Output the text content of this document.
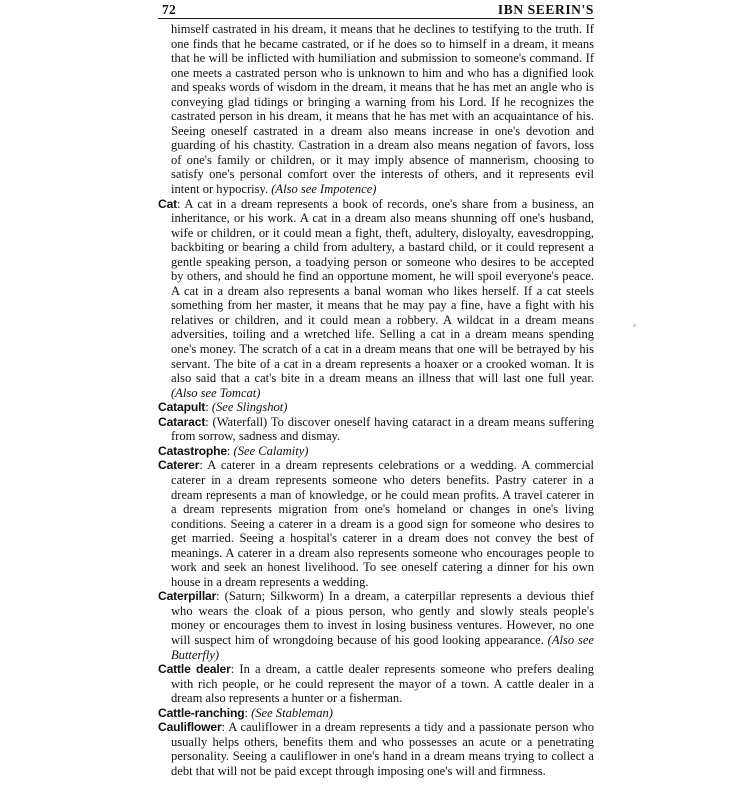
72	IBN SEERIN'S

himself castrated in his dream, it means that he declines to testifying to the truth. If one finds that he became castrated, or if he does so to himself in a dream, it means that he will be inflicted with humiliation and submission to someone's command. If one meets a castrated person who is unknown to him and who has a dignified look and speaks words of wisdom in the dream, it means that he has met an angle who is conveying glad tidings or bringing a warning from his Lord. If he recognizes the castrated person in his dream, it means that he has met with an acquaintance of his. Seeing oneself castrated in a dream also means increase in one's devotion and guarding of his chastity. Castration in a dream also means negation of favors, loss of one's family or children, or it may imply absence of mannerism, choosing to satisfy one's personal comfort over the interests of others, and it represents evil intent or hypocrisy. (Also see Impotence)

Cat: A cat in a dream represents a book of records, one's share from a business, an inheritance, or his work. A cat in a dream also means shunning off one's husband, wife or children, or it could mean a fight, theft, adultery, disloyalty, eavesdropping, backbiting or bearing a child from adultery, a bastard child, or it could represent a gentle speaking person, a toadying person or someone who desires to be accepted by others, and should he find an opportune moment, he will spoil everyone's peace. A cat in a dream also represents a banal woman who likes herself. If a cat steels something from her master, it means that he may pay a fine, have a fight with his relatives or children, and it could mean a robbery. A wildcat in a dream means adversities, toiling and a wretched life. Selling a cat in a dream means spending one's money. The scratch of a cat in a dream means that one will be betrayed by his servant. The bite of a cat in a dream represents a hoaxer or a crooked woman. It is also said that a cat's bite in a dream means an illness that will last one full year. (Also see Tomcat)

Catapult: (See Slingshot)

Cataract: (Waterfall) To discover oneself having cataract in a dream means suffering from sorrow, sadness and dismay.

Catastrophe: (See Calamity)

Caterer: A caterer in a dream represents celebrations or a wedding. A commercial caterer in a dream represents someone who deters benefits. Pastry caterer in a dream represents a man of knowledge, or he could mean profits. A travel caterer in a dream represents migration from one's homeland or changes in one's living conditions. Seeing a caterer in a dream is a good sign for someone who desires to get married. Seeing a hospital's caterer in a dream does not convey the best of meanings. A caterer in a dream also represents someone who encourages people to work and seek an honest livelihood. To see oneself catering a dinner for his own house in a dream represents a wedding.

Caterpillar: (Saturn; Silkworm) In a dream, a caterpillar represents a devious thief who wears the cloak of a pious person, who gently and slowly steals people's money or encourages them to invest in losing business ventures. However, no one will suspect him of wrongdoing because of his good looking appearance. (Also see Butterfly)

Cattle dealer: In a dream, a cattle dealer represents someone who prefers dealing with rich people, or he could represent the mayor of a town. A cattle dealer in a dream also represents a hunter or a fisherman.

Cattle-ranching: (See Stableman)

Cauliflower: A cauliflower in a dream represents a tidy and a passionate person who usually helps others, benefits them and who possesses an acute or a penetrating personality. Seeing a cauliflower in one's hand in a dream means trying to collect a debt that will not be paid except through imposing one's will and firmness.
